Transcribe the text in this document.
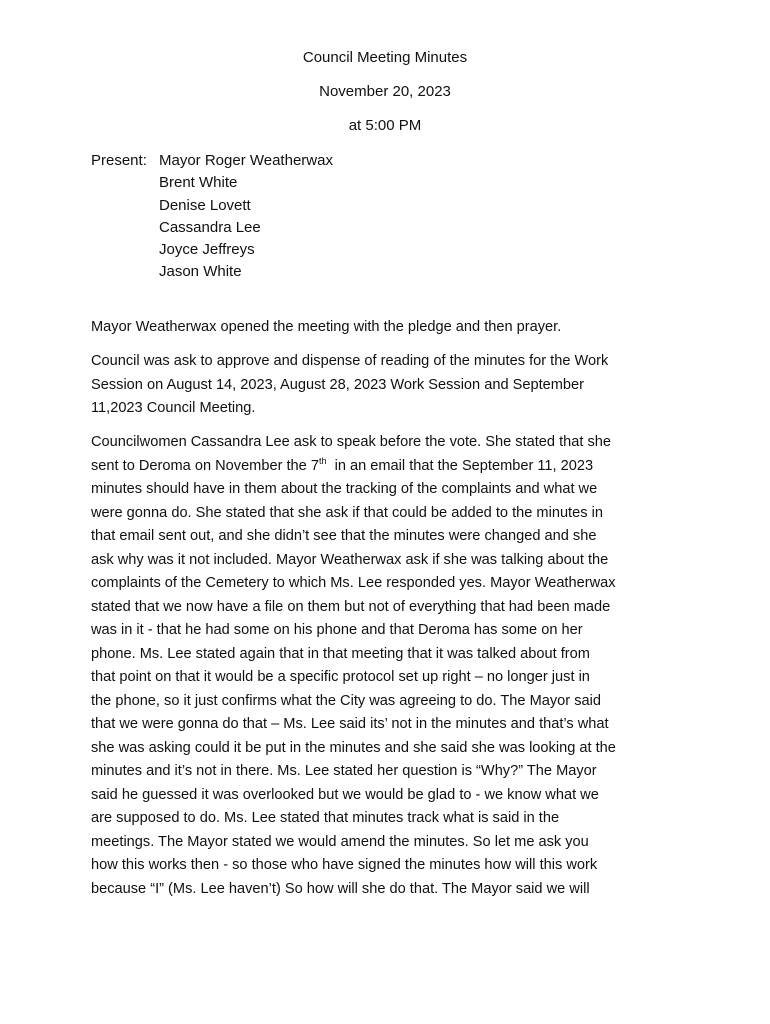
Council Meeting Minutes
November 20, 2023
at 5:00 PM
Present: Mayor Roger Weatherwax
Brent White
Denise Lovett
Cassandra Lee
Joyce Jeffreys
Jason White
Mayor Weatherwax opened the meeting with the pledge and then prayer.
Council was ask to approve and dispense of reading of the minutes for the Work
Session on August 14, 2023, August 28, 2023 Work Session and September
11,2023 Council Meeting.
Councilwomen Cassandra Lee ask to speak before the vote. She stated that she
sent to Deroma on November the 7th  in an email that the September 11, 2023
minutes should have in them about the tracking of the complaints and what we
were gonna do. She stated that she ask if that could be added to the minutes in
that email sent out, and she didn’t see that the minutes were changed and she
ask why was it not included. Mayor Weatherwax ask if she was talking about the
complaints of the Cemetery to which Ms. Lee responded yes. Mayor Weatherwax
stated that we now have a file on them but not of everything that had been made
was in it - that he had some on his phone and that Deroma has some on her
phone. Ms. Lee stated again that in that meeting that it was talked about from
that point on that it would be a specific protocol set up right – no longer just in
the phone, so it just confirms what the City was agreeing to do. The Mayor said
that we were gonna do that – Ms. Lee said its’ not in the minutes and that’s what
she was asking could it be put in the minutes and she said she was looking at the
minutes and it’s not in there. Ms. Lee stated her question is “Why?” The Mayor
said he guessed it was overlooked but we would be glad to - we know what we
are supposed to do. Ms. Lee stated that minutes track what is said in the
meetings. The Mayor stated we would amend the minutes. So let me ask you
how this works then - so those who have signed the minutes how will this work
because “I” (Ms. Lee haven’t) So how will she do that. The Mayor said we will
